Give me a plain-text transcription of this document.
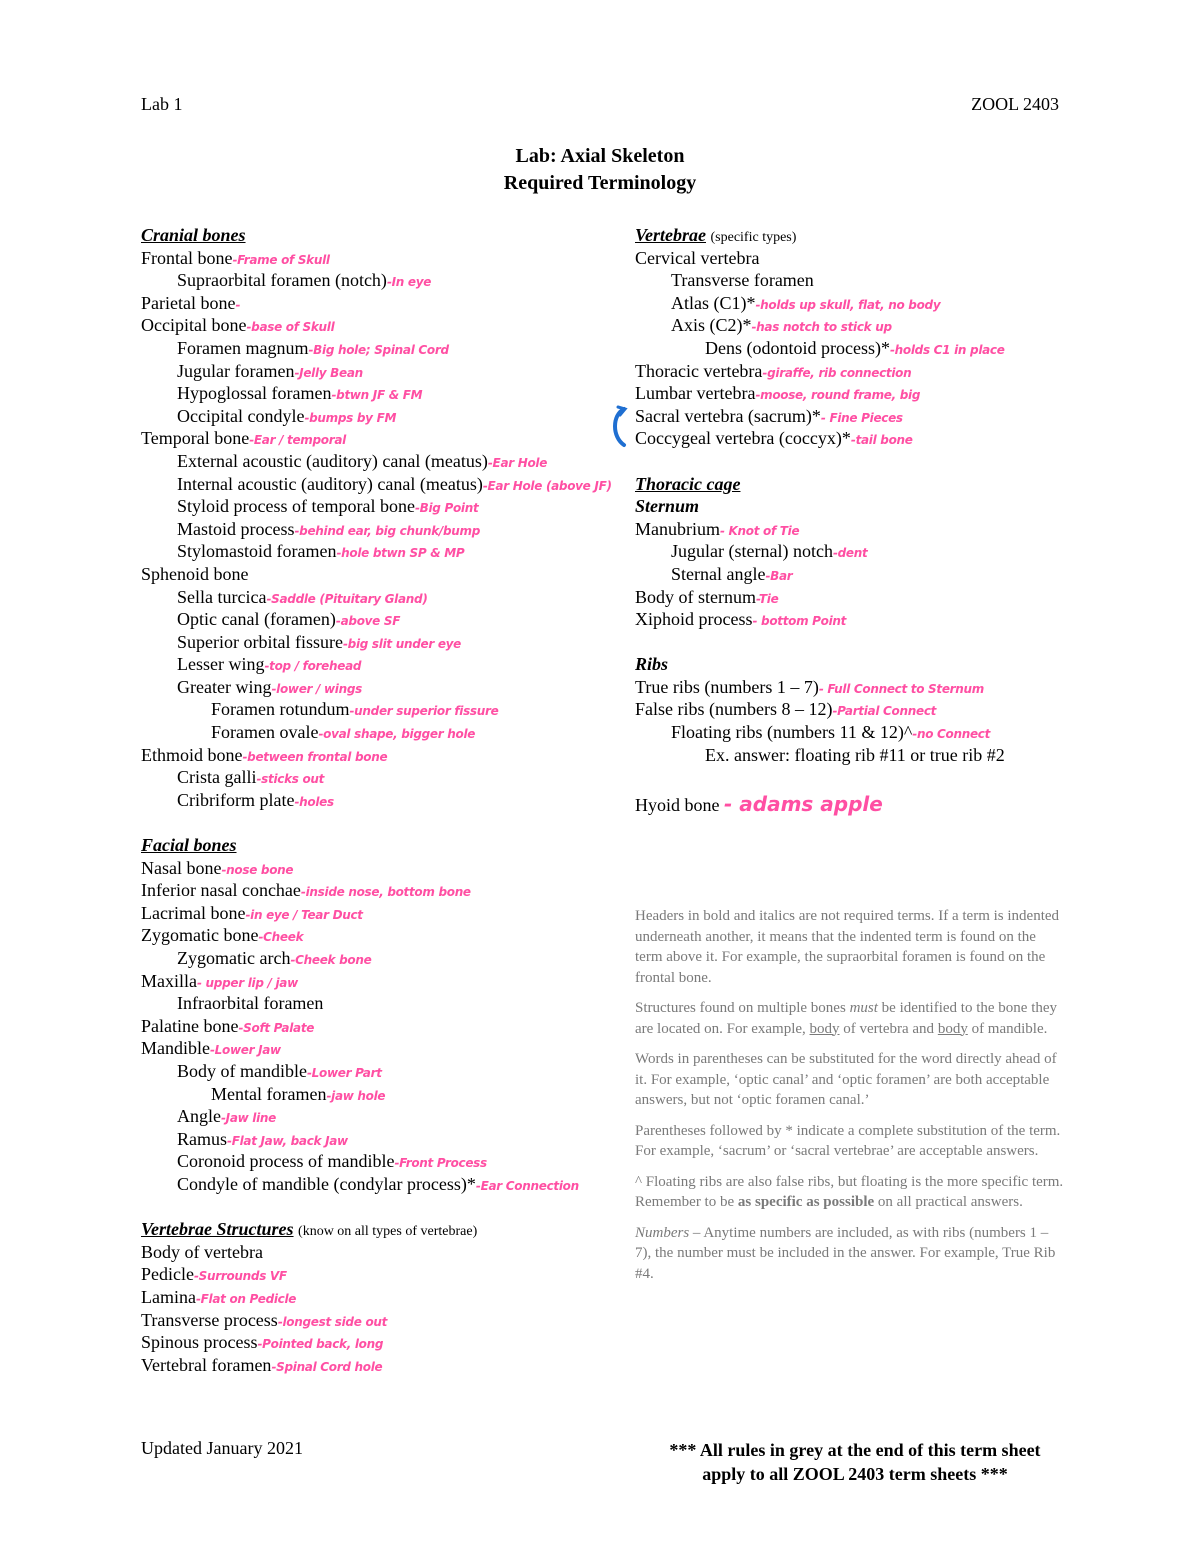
Lab 1	ZOOL 2403
Lab: Axial Skeleton
Required Terminology
Cranial bones
Frontal bone-Frame of Skull
Supraorbital foramen (notch)-In eye
Parietal bone-
Occipital bone-base of Skull
Foramen magnum-Big hole; Spinal Cord
Jugular foramen-Jelly Bean
Hypoglossal foramen-btwn JF & FM
Occipital condyle-bumps by FM
Temporal bone-Ear / temporal
External acoustic (auditory) canal (meatus)-Ear Hole
Internal acoustic (auditory) canal (meatus)-Ear Hole (above JF)
Styloid process of temporal bone-Big Point
Mastoid process-behind ear, big chunk/bump
Stylomastoid foramen-hole btwn SP & MP
Sphenoid bone
Sella turcica-Saddle (Pituitary Gland)
Optic canal (foramen)-above SF
Superior orbital fissure-big slit under eye
Lesser wing-top / forehead
Greater wing-lower / wings
Foramen rotundum-under superior fissure
Foramen ovale-oval shape, bigger hole
Ethmoid bone-between frontal bone
Crista galli-sticks out
Cribriform plate-holes
Facial bones
Nasal bone-nose bone
Inferior nasal conchae-inside nose, bottom bone
Lacrimal bone-in eye / Tear Duct
Zygomatic bone-Cheek
Zygomatic arch-Cheek bone
Maxilla- upper lip / jaw
Infraorbital foramen
Palatine bone-Soft Palate
Mandible-Lower Jaw
Body of mandible-Lower Part
Mental foramen-jaw hole
Angle-Jaw line
Ramus-Flat Jaw, back Jaw
Coronoid process of mandible-Front Process
Condyle of mandible (condylar process)*-Ear Connection
Vertebrae Structures (know on all types of vertebrae)
Body of vertebra
Pedicle-Surrounds VF
Lamina-Flat on Pedicle
Transverse process-longest side out
Spinous process-Pointed back, long
Vertebral foramen-Spinal Cord hole
Vertebrae (specific types)
Cervical vertebra
Transverse foramen
Atlas (C1)*-holds up skull, flat, no body
Axis (C2)*-has notch to stick up
Dens (odontoid process)*-holds C1 in place
Thoracic vertebra-giraffe, rib connection
Lumbar vertebra-moose, round frame, big
Sacral vertebra (sacrum)*- Fine Pieces
Coccygeal vertebra (coccyx)*-tail bone
Thoracic cage
Sternum
Manubrium- Knot of Tie
Jugular (sternal) notch-dent
Sternal angle-Bar
Body of sternum-Tie
Xiphoid process- bottom Point
Ribs
True ribs (numbers 1 – 7)- Full Connect to Sternum
False ribs (numbers 8 – 12)-Partial Connect
Floating ribs (numbers 11 & 12)^-no Connect
Ex. answer: floating rib #11 or true rib #2
Hyoid bone - adams apple

Headers in bold and italics are not required terms. If a term is indented underneath another, it means that the indented term is found on the term above it. For example, the supraorbital foramen is found on the frontal bone.

Structures found on multiple bones must be identified to the bone they are located on. For example, body of vertebra and body of mandible.

Words in parentheses can be substituted for the word directly ahead of it. For example, ‘optic canal’ and ‘optic foramen’ are both acceptable answers, but not ‘optic foramen canal.’

Parentheses followed by * indicate a complete substitution of the term. For example, ‘sacrum’ or ‘sacral vertebrae’ are acceptable answers.

^ Floating ribs are also false ribs, but floating is the more specific term. Remember to be as specific as possible on all practical answers.

Numbers – Anytime numbers are included, as with ribs (numbers 1 – 7), the number must be included in the answer. For example, True Rib #4.

Updated January 2021	*** All rules in grey at the end of this term sheet
apply to all ZOOL 2403 term sheets ***
